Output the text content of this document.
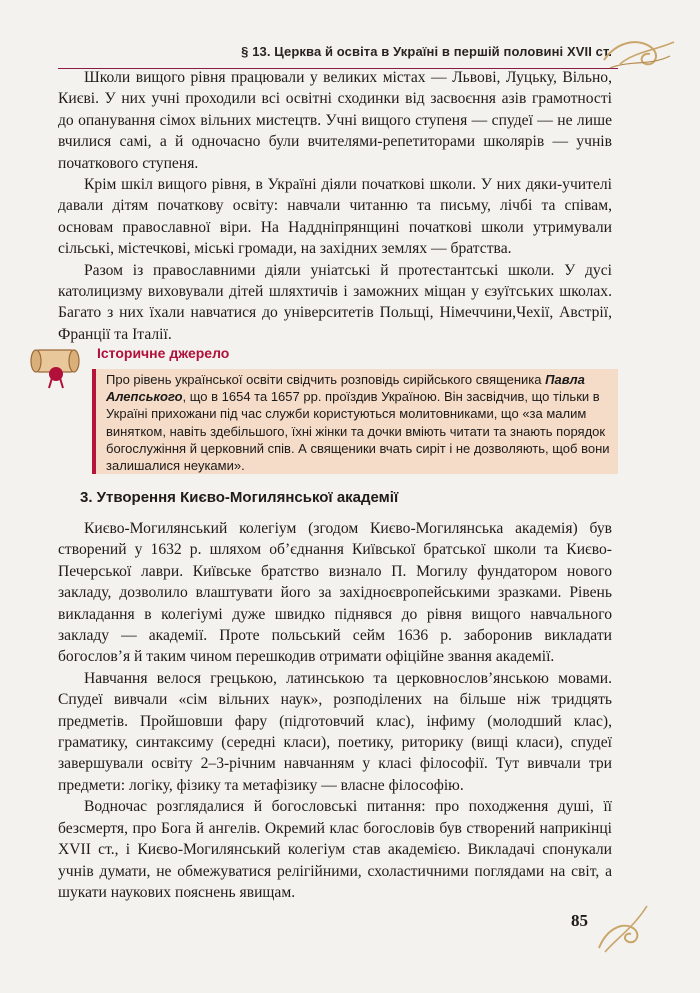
§ 13. Церква й освіта в Україні в першій половині XVII ст.

Школи вищого рівня працювали у великих містах — Львові, Луцьку, Вільно, Києві. У них учні проходили всі освітні сходинки від засвоєння азів грамотності до опанування сімох вільних мистецтв. Учні вищого ступеня — спудеї — не лише вчилися самі, а й одночасно були вчителями-репетиторами школярів — учнів початкового ступеня.

Крім шкіл вищого рівня, в Україні діяли початкові школи. У них дяки-учителі давали дітям початкову освіту: навчали читанню та письму, лічбі та співам, основам православної віри. На Наддніпрянщині початкові школи утримували сільські, містечкові, міські громади, на західних землях — братства.

Разом із православними діяли уніатські й протестантські школи. У дусі католицизму виховували дітей шляхтичів і заможних міщан у єзуїтських школах. Багато з них їхали навчатися до університетів Польщі, Німеччини,Чехії, Австрії, Франції та Італії.

Історичне джерело
Про рівень української освіти свідчить розповідь сирійського священика Павла Алепського, що в 1654 та 1657 рр. проїздив Україною. Він засвідчив, що тільки в Україні прихожани під час служби користуються молитовниками, що «за малим винятком, навіть здебільшого, їхні жінки та дочки вміють читати та знають порядок богослужіння й церковний спів. А священики вчать сиріт і не дозволяють, щоб вони залишалися неуками».
3. Утворення Києво-Могилянської академії

Києво-Могилянський колегіум (згодом Києво-Могилянська академія) був створений у 1632 р. шляхом об’єднання Київської братської школи та Києво-Печерської лаври. Київське братство визнало П. Могилу фундатором нового закладу, дозволило влаштувати його за західноєвропейськими зразками. Рівень викладання в колегіумі дуже швидко піднявся до рівня вищого навчального закладу — академії. Проте польський сейм 1636 р. заборонив викладати богослов’я й таким чином перешкодив отримати офіційне звання академії.

Навчання велося грецькою, латинською та церковнослов’янською мовами. Спудеї вивчали «сім вільних наук», розподілених на більше ніж тридцять предметів. Пройшовши фару (підготовчий клас), інфиму (молодший клас), граматику, синтаксиму (середні класи), поетику, риторику (вищі класи), спудеї завершували освіту 2–3-річним навчанням у класі філософії. Тут вивчали три предмети: логіку, фізику та метафізику — власне філософію.

Водночас розглядалися й богословські питання: про походження душі, її безсмертя, про Бога й ангелів. Окремий клас богословів був створений наприкінці XVII ст., і Києво-Могилянський колегіум став академією. Викладачі спонукали учнів думати, не обмежуватися релігійними, схоластичними поглядами на світ, а шукати наукових пояснень явищам.

85
